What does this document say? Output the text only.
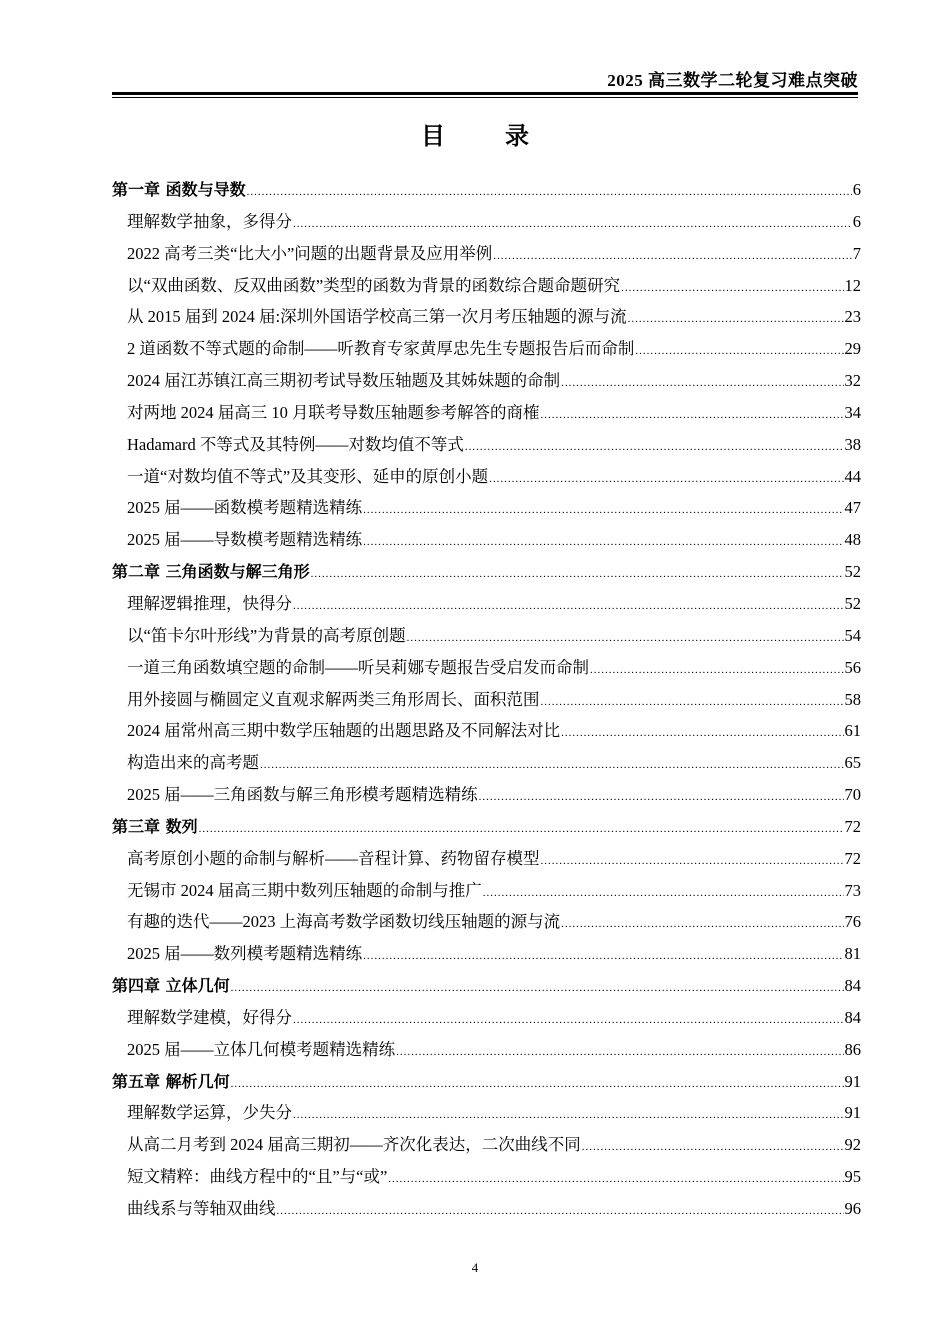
2025 高三数学二轮复习难点突破
目录
第一章 函数与导数 .....	6
理解数学抽象，多得分 .....	6
2022 高考三类“比大小”问题的出题背景及应用举例 .....	7
以“双曲函数、反双曲函数”类型的函数为背景的函数综合题命题研究 .....	12
从 2015 届到 2024 届:深圳外国语学校高三第一次月考压轴题的源与流 .....	23
2 道函数不等式题的命制——听教育专家黄厚忠先生专题报告后而命制 .....	29
2024 届江苏镇江高三期初考试导数压轴题及其姊妹题的命制 .....	32
对两地 2024 届高三 10 月联考导数压轴题参考解答的商榷 .....	34
Hadamard 不等式及其特例——对数均值不等式 .....	38
一道“对数均值不等式”及其变形、延申的原创小题 .....	44
2025 届——函数模考题精选精练 .....	47
2025 届——导数模考题精选精练 .....	48
第二章 三角函数与解三角形 .....	52
理解逻辑推理，快得分 .....	52
以“笛卡尔叶形线”为背景的高考原创题 .....	54
一道三角函数填空题的命制——听吴莉娜专题报告受启发而命制 .....	56
用外接圆与椭圆定义直观求解两类三角形周长、面积范围 .....	58
2024 届常州高三期中数学压轴题的出题思路及不同解法对比 .....	61
构造出来的高考题 .....	65
2025 届——三角函数与解三角形模考题精选精练 .....	70
第三章 数列 .....	72
高考原创小题的命制与解析——音程计算、药物留存模型 .....	72
无锡市 2024 届高三期中数列压轴题的命制与推广 .....	73
有趣的迭代——2023 上海高考数学函数切线压轴题的源与流 .....	76
2025 届——数列模考题精选精练 .....	81
第四章 立体几何 .....	84
理解数学建模，好得分 .....	84
2025 届——立体几何模考题精选精练 .....	86
第五章 解析几何 .....	91
理解数学运算，少失分 .....	91
从高二月考到 2024 届高三期初——齐次化表达，二次曲线不同 .....	92
短文精粹：曲线方程中的“且”与“或” .....	95
曲线系与等轴双曲线 .....	96
4
